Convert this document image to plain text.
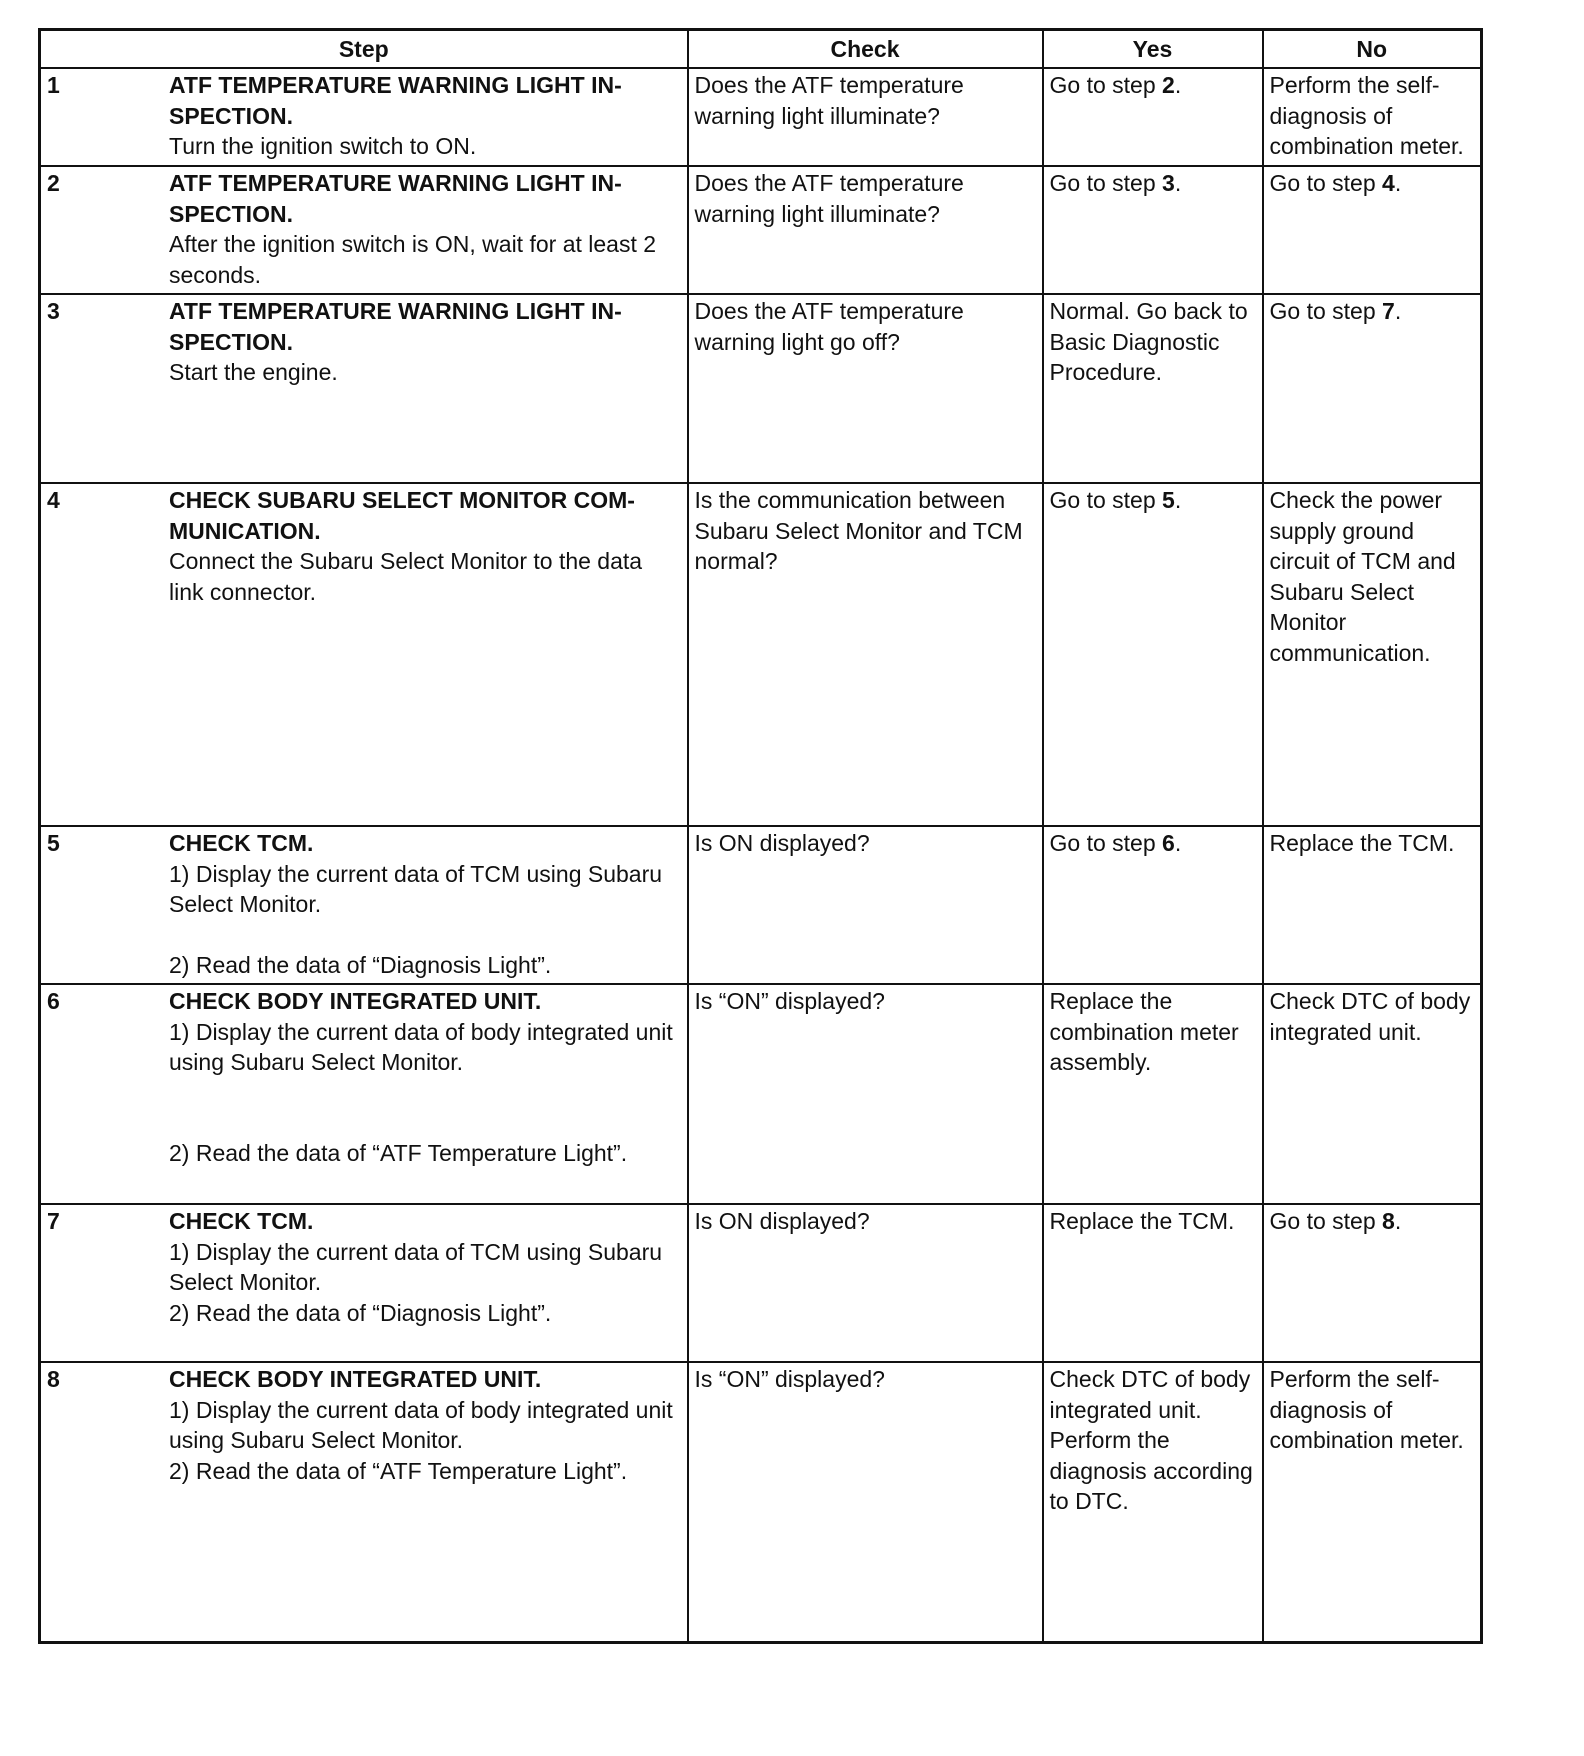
Step	Check	Yes	No

1 ATF TEMPERATURE WARNING LIGHT IN-
SPECTION.
Turn the ignition switch to ON.	Does the ATF temperature warning light illuminate?	Go to step 2.	Perform the self-diagnosis of combination meter.

2 ATF TEMPERATURE WARNING LIGHT IN-
SPECTION.
After the ignition switch is ON, wait for at least 2 seconds.	Does the ATF temperature warning light illuminate?	Go to step 3.	Go to step 4.

3 ATF TEMPERATURE WARNING LIGHT IN-
SPECTION.
Start the engine.	Does the ATF temperature warning light go off?	Normal. Go back to Basic Diagnostic Procedure.	Go to step 7.

4 CHECK SUBARU SELECT MONITOR COM-
MUNICATION.
Connect the Subaru Select Monitor to the data link connector.	Is the communication between Subaru Select Monitor and TCM normal?	Go to step 5.	Check the power supply ground circuit of TCM and Subaru Select Monitor communication.

5 CHECK TCM.
1) Display the current data of TCM using Subaru Select Monitor.
2) Read the data of “Diagnosis Light”.	Is ON displayed?	Go to step 6.	Replace the TCM.

6 CHECK BODY INTEGRATED UNIT.
1) Display the current data of body integrated unit using Subaru Select Monitor.
2) Read the data of “ATF Temperature Light”.	Is “ON” displayed?	Replace the combination meter assembly.	Check DTC of body integrated unit.

7 CHECK TCM.
1) Display the current data of TCM using Subaru Select Monitor.
2) Read the data of “Diagnosis Light”.	Is ON displayed?	Replace the TCM.	Go to step 8.

8 CHECK BODY INTEGRATED UNIT.
1) Display the current data of body integrated unit using Subaru Select Monitor.
2) Read the data of “ATF Temperature Light”.	Is “ON” displayed?	Check DTC of body integrated unit. Perform the diagnosis according to DTC.	Perform the self-diagnosis of combination meter.
